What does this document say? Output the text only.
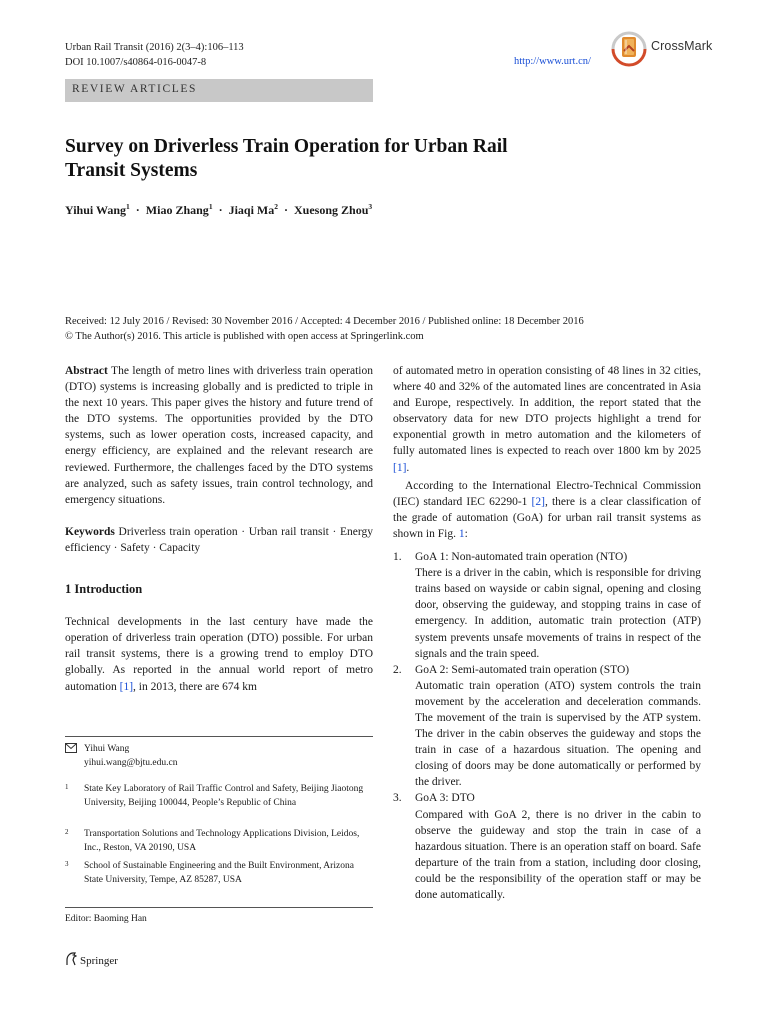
Urban Rail Transit (2016) 2(3–4):106–113
DOI 10.1007/s40864-016-0047-8	http://www.urt.cn/
CrossMark
REVIEW ARTICLES
Survey on Driverless Train Operation for Urban Rail Transit Systems
Yihui Wang$^1$  ·  Miao Zhang$^1$  ·  Jiaqi Ma$^2$  ·  Xuesong Zhou$^3$
Received: 12 July 2016 / Revised: 30 November 2016 / Accepted: 4 December 2016 / Published online: 18 December 2016
© The Author(s) 2016. This article is published with open access at Springerlink.com

Abstract The length of metro lines with driverless train operation (DTO) systems is increasing globally and is predicted to triple in the next 10 years. This paper gives the history and future trend of the DTO systems. The opportunities provided by the DTO systems, such as lower operation costs, increased capacity, and energy efficiency, are explained and the relevant research are reviewed. Furthermore, the challenges faced by the DTO systems are analyzed, such as safety issues, train control technology, and emergency situations.

Keywords Driverless train operation · Urban rail transit · Energy efficiency · Safety · Capacity

1 Introduction

Technical developments in the last century have made the operation of driverless train operation (DTO) possible. For urban rail transit systems, there is a growing trend to employ DTO globally. As reported in the annual world report of metro automation [1], in 2013, there are 674 km

Yihui Wang
yihui.wang@bjtu.edu.cn
1	State Key Laboratory of Rail Traffic Control and Safety, Beijing Jiaotong University, Beijing 100044, People’s Republic of China
2	Transportation Solutions and Technology Applications Division, Leidos, Inc., Reston, VA 20190, USA
3	School of Sustainable Engineering and the Built Environment, Arizona State University, Tempe, AZ 85287, USA
Editor: Baoming Han

of automated metro in operation consisting of 48 lines in 32 cities, where 40 and 32% of the automated lines are concentrated in Asia and Europe, respectively. In addition, the report stated that the observatory data for new DTO projects highlight a trend for exponential growth in metro automation and the kilometers of fully automated lines is expected to reach over 1800 km by 2025 [1].

According to the International Electro-Technical Commission (IEC) standard IEC 62290-1 [2], there is a clear classification of the grade of automation (GoA) for urban rail transit systems as shown in Fig. 1:

1. GoA 1: Non-automated train operation (NTO)
There is a driver in the cabin, which is responsible for driving trains based on wayside or cabin signal, opening and closing door, observing the guideway, and stopping trains in case of emergency. In addition, automatic train protection (ATP) system prevents unsafe movements of trains in respect of the signals and the train speed.
2. GoA 2: Semi-automated train operation (STO)
Automatic train operation (ATO) system controls the train movement by the acceleration and deceleration commands. The movement of the train is supervised by the ATP system. The driver in the cabin observes the guideway and stops the train in case of a hazardous situation. The opening and closing of doors may be done automatically or performed by the driver.
3. GoA 3: DTO
Compared with GoA 2, there is no driver in the cabin to observe the guideway and stop the train in case of a hazardous situation. There is an operation staff on board. Safe departure of the train from a station, including door closing, could be the responsibility of the operation staff or may be done automatically.
Springer
